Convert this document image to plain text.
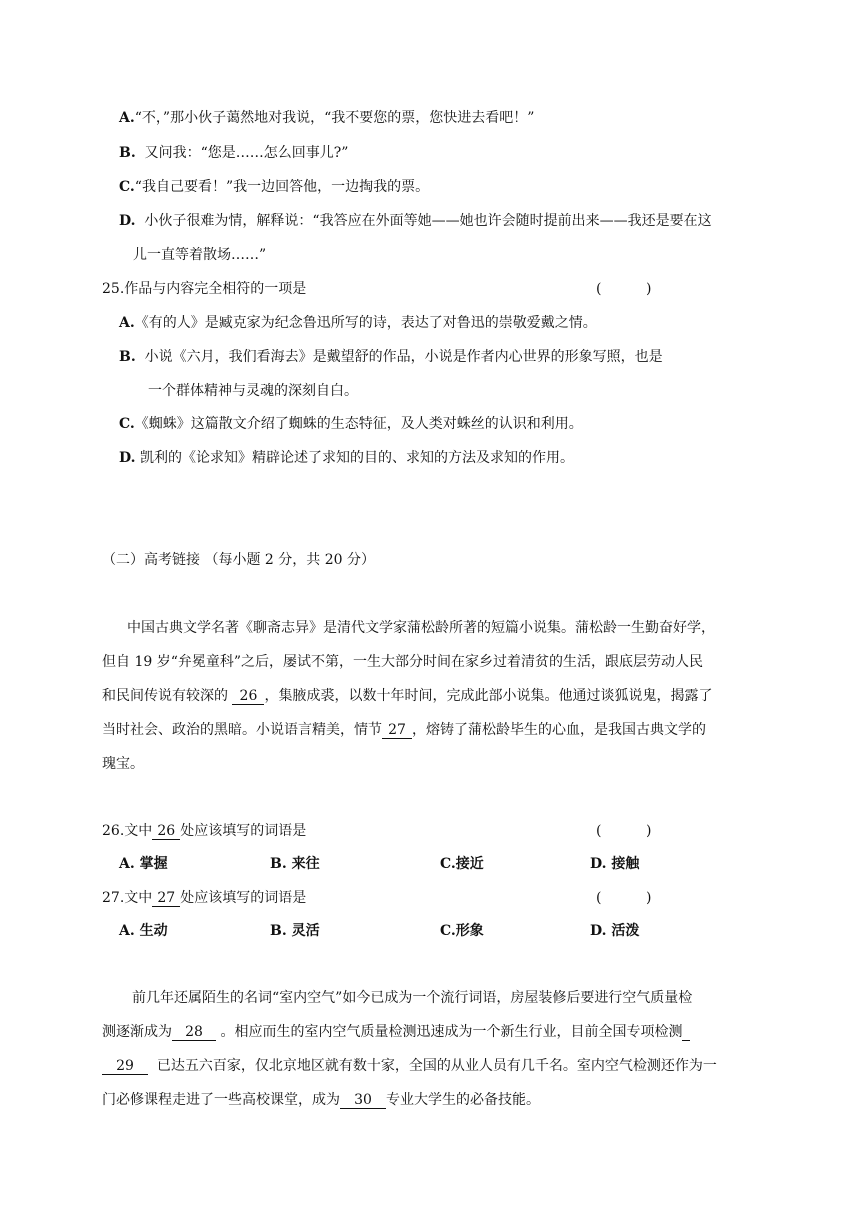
A.“不，”那小伙子蔼然地对我说，“我不要您的票，您快进去看吧！”
B. 又问我：“您是……怎么回事儿?”
C.“我自己要看！”我一边回答他，一边掏我的票。
D. 小伙子很难为情，解释说：“我答应在外面等她——她也许会随时提前出来——我还是要在这
儿一直等着散场……”
25.作品与内容完全相符的一项是	(          )
A.《有的人》是臧克家为纪念鲁迅所写的诗，表达了对鲁迅的崇敬爱戴之情。
B. 小说《六月，我们看海去》是戴望舒的作品，小说是作者内心世界的形象写照，也是
一个群体精神与灵魂的深刻自白。
C.《蜘蛛》这篇散文介绍了蜘蛛的生态特征，及人类对蛛丝的认识和利用。
D. 凯利的《论求知》精辟论述了求知的目的、求知的方法及求知的作用。
（二）高考链接 （每小题 2 分，共 20 分）
中国古典文学名著《聊斋志异》是清代文学家蒲松龄所著的短篇小说集。蒲松龄一生勤奋好学，
但自 19 岁“弁冕童科”之后，屡试不第，一生大部分时间在家乡过着清贫的生活，跟底层劳动人民
和民间传说有较深的 26 ，集腋成裘，以数十年时间，完成此部小说集。他通过谈狐说鬼，揭露了
当时社会、政治的黑暗。小说语言精美，情节 27 ，熔铸了蒲松龄毕生的心血，是我国古典文学的
瑰宝。
26.文中 26 处应该填写的词语是	(          )
A. 掌握	B. 来往	C.接近	D. 接触
27.文中 27 处应该填写的词语是	(          )
A. 生动	B. 灵活	C.形象	D. 活泼
前几年还属陌生的名词“室内空气”如今已成为一个流行词语，房屋装修后要进行空气质量检
测逐渐成为 28 。相应而生的室内空气质量检测迅速成为一个新生行业，目前全国专项检测
29 已达五六百家，仅北京地区就有数十家，全国的从业人员有几千名。室内空气检测还作为一
门必修课程走进了一些高校课堂，成为 30 专业大学生的必备技能。
